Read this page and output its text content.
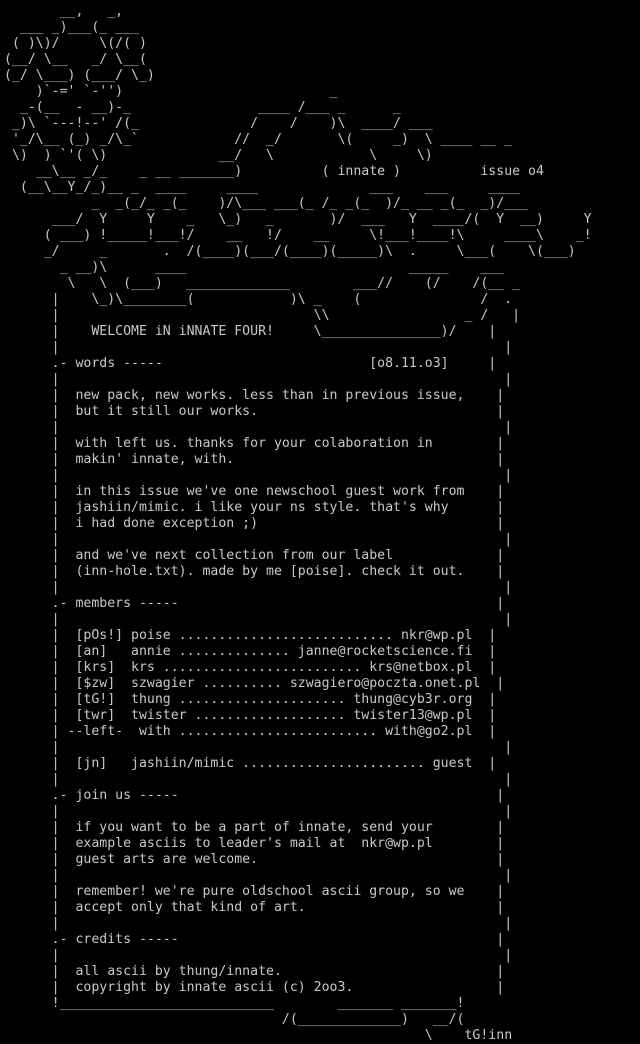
__,   _,
___ _)___(_ ___
( )\)/     \(/( )
(__/ \__   _/ \__(
(_/ \___) (___/ \_)
)`-=' `-'')                          _
_-(__  - __)-_                ____ /___ _      _
_)\ `---!--' /(_              /    /    )\  ____/ ___
'_/\__ (_) _/\_`            //  _/       \(     _)  \ ____ __ _
\)  ) `'( \)              __/   \            \     \)
__\__ _/_    _ __ _______)          ( innate )          issue o4
(__\__Y_/_)__ _  ____     ____              ___    ___     ____
_  _(_/_ _(_    )/\___ ___(_ /_ _(_  )/_ __ _(_  _)/___
___/  Y     Y    _   \_)   _       )/  ___   Y  ____/(  Y  __)     Y
( ___) !_____!___!/    __   !/    __     \!___!____!\     ____\    _!
_/     _       .  /(____)(___/(____)(_____)\  .     \___(    \(___)
_ __)\      ____                            _____    ___
\   \  (___)   _____________        ___//    (/    /(__ _
|    \_)\________(            )\ _    (               /  .
|                                \\                 _ /   |
|    WELCOME iN iNNATE FOUR!     \_______________)/    |
|                                                        |
.- words -----                          [o8.11.o3]     |
|                                                        |
|  new pack, new works. less than in previous issue,    |
|  but it still our works.                              |
|                                                        |
|  with left us. thanks for your colaboration in        |
|  makin' innate, with.                                 |
|                                                        |
|  in this issue we've one newschool guest work from    |
|  jashiin/mimic. i like your ns style. that's why      |
|  i had done exception ;)                              |
|                                                        |
|  and we've next collection from our label             |
|  (inn-hole.txt). made by me [poise]. check it out.    |
|                                                        |
.- members -----                                        |
|                                                        |
|  [pOs!] poise ........................... nkr@wp.pl  |
|  [an]   annie .............. janne@rocketscience.fi  |
|  [krs]  krs ......................... krs@netbox.pl  |
|  [$zw]  szwagier .......... szwagiero@poczta.onet.pl  |
|  [tG!]  thung ..................... thung@cyb3r.org  |
|  [twr]  twister ................... twister13@wp.pl  |
| --left-  with ......................... with@go2.pl  |
|                                                        |
|  [jn]   jashiin/mimic ....................... guest  |
|                                                        |
.- join us -----                                        |
|                                                        |
|  if you want to be a part of innate, send your        |
|  example asciis to leader's mail at  nkr@wp.pl        |
|  guest arts are welcome.                              |
|                                                        |
|  remember! we're pure oldschool ascii group, so we    |
|  accept only that kind of art.                        |
|                                                        |
.- credits -----                                        |
|                                                        |
|  all ascii by thung/innate.                           |
|  copyright by innate ascii (c) 2oo3.                  |
!___________________________        _______ _______!
/(_____________)   __/(
\    tG!inn
